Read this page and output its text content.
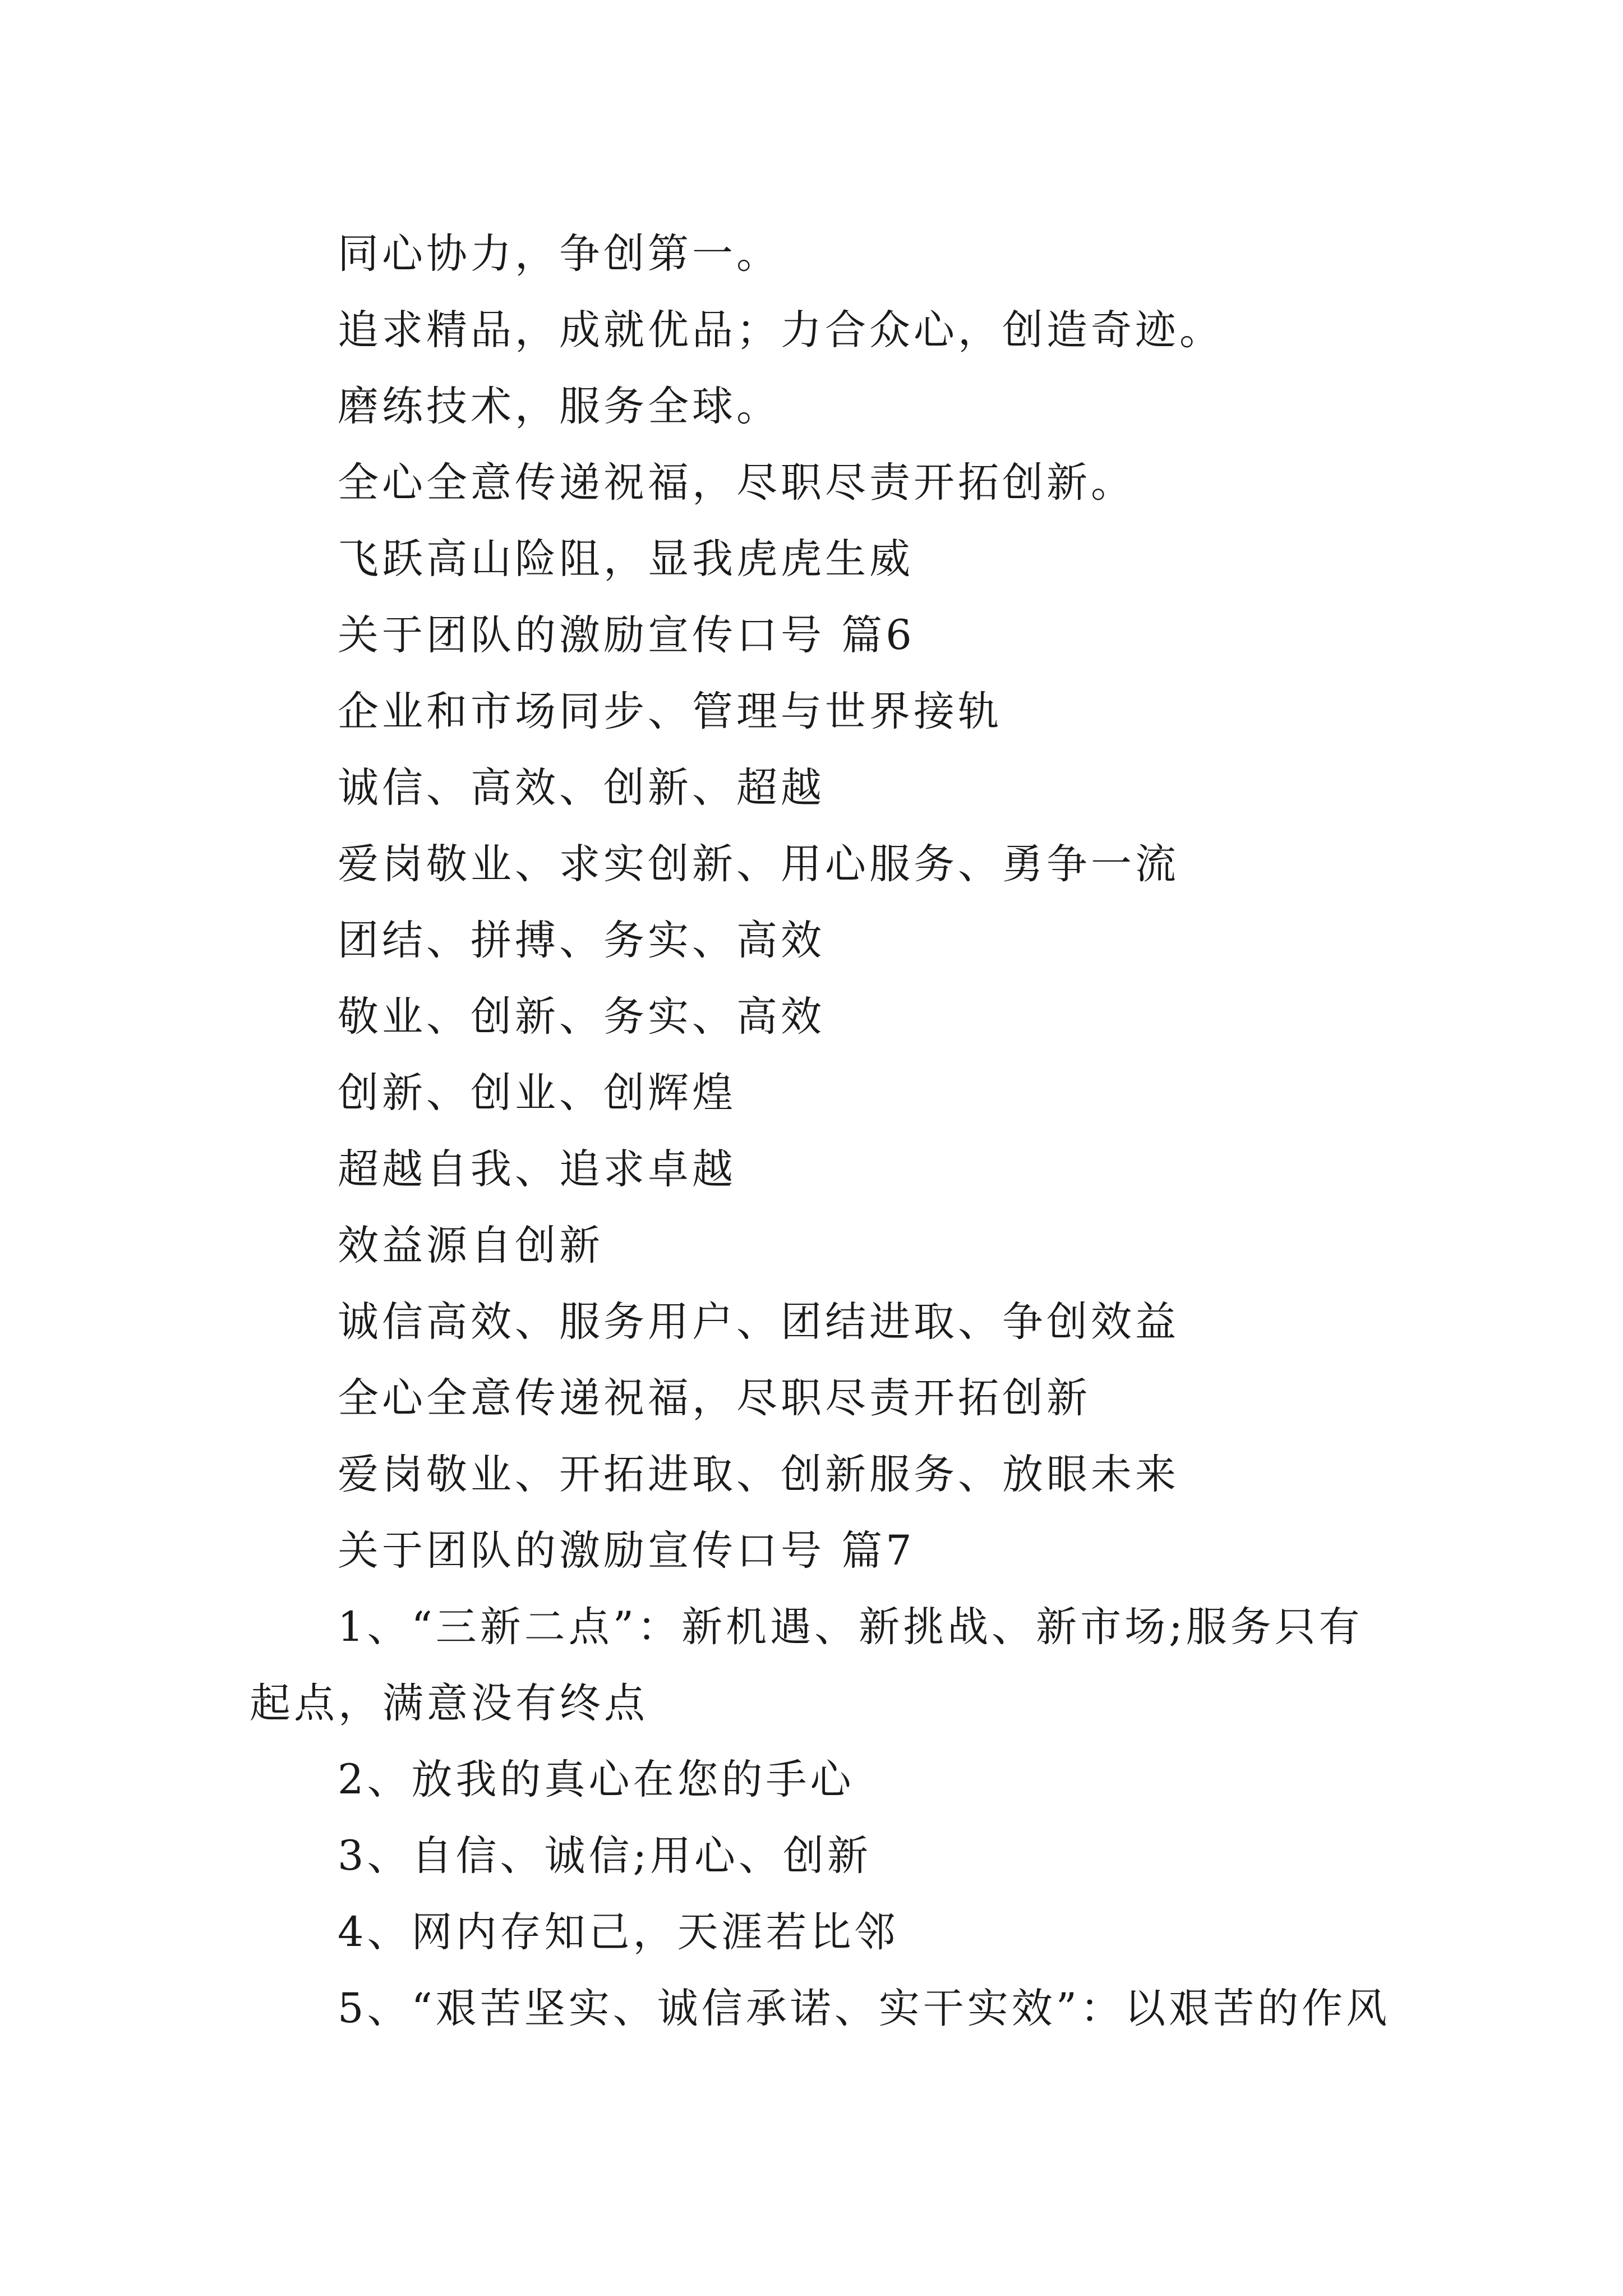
同心协力，争创第一。
追求精品，成就优品；力合众心，创造奇迹。
磨练技术，服务全球。
全心全意传递祝福，尽职尽责开拓创新。
飞跃高山险阻，显我虎虎生威
关于团队的激励宣传口号 篇6
企业和市场同步、管理与世界接轨
诚信、高效、创新、超越
爱岗敬业、求实创新、用心服务、勇争一流
团结、拼搏、务实、高效
敬业、创新、务实、高效
创新、创业、创辉煌
超越自我、追求卓越
效益源自创新
诚信高效、服务用户、团结进取、争创效益
全心全意传递祝福，尽职尽责开拓创新
爱岗敬业、开拓进取、创新服务、放眼未来
关于团队的激励宣传口号 篇7
1、“三新二点”：新机遇、新挑战、新市场;服务只有起点，满意没有终点
2、放我的真心在您的手心
3、自信、诚信;用心、创新
4、网内存知己，天涯若比邻
5、“艰苦坚实、诚信承诺、实干实效”：以艰苦的作风
